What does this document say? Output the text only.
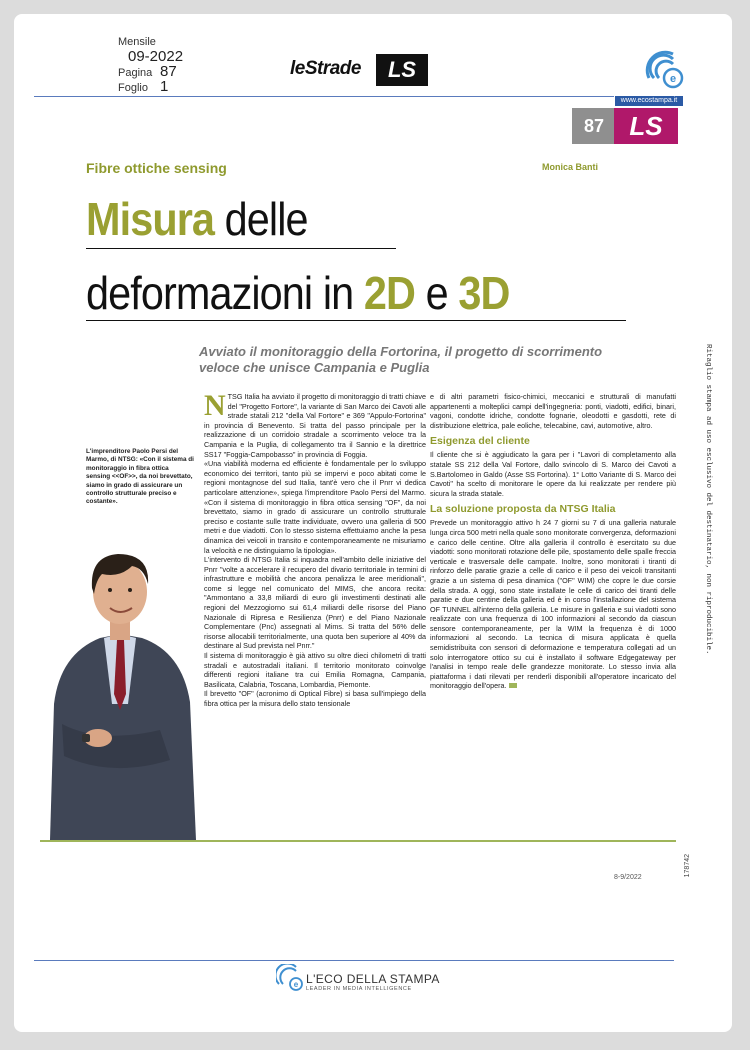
Mensile
09-2022
Pagina 87
Foglio 1
leStrade	LS	e
www.ecostampa.it
87 LS
Fibre ottiche sensing	Monica Banti
Misura delle
deformazioni in 2D e 3D
Avviato il monitoraggio della Fortorina, il progetto di scorrimento veloce che unisce Campania e Puglia
L'imprenditore Paolo Persi del Marmo, di NTSG: «Con il sistema di monitoraggio in fibra ottica sensing <<OF>>, da noi brevettato, siamo in grado di assicurare un controllo strutturale preciso e costante».
NTSG Italia ha avviato il progetto di monitoraggio di tratti chiave del "Progetto Fortore", la variante di San Marco dei Cavoti alle strade statali 212 "della Val Fortore" e 369 "Appulo-Fortorina" in provincia di Benevento. Si tratta del passo principale per la realizzazione di un corridoio stradale a scorrimento veloce tra la Campania e la Puglia, di collegamento tra il Sannio e la direttrice SS17 "Foggia-Campobasso" in provincia di Foggia.
«Una viabilità moderna ed efficiente è fondamentale per lo sviluppo economico dei territori, tanto più se impervi e poco abitati come le regioni montagnose del sud Italia, tant'è vero che il Pnrr vi dedica particolare attenzione», spiega l'imprenditore Paolo Persi del Marmo. «Con il sistema di monitoraggio in fibra ottica sensing "OF", da noi brevettato, siamo in grado di assicurare un controllo strutturale preciso e costante sulle tratte individuate, ovvero una galleria di 500 metri e due viadotti. Con lo stesso sistema effettuiamo anche la pesa dinamica dei veicoli in transito e contemporaneamente ne misuriamo la velocità e ne distinguiamo la tipologia».
L'intervento di NTSG Italia si inquadra nell'ambito delle iniziative del Pnrr "volte a accelerare il recupero del divario territoriale in termini di infrastrutture e mobilità che ancora penalizza le aree meridionali", come si legge nel comunicato del MIMS, che ancora recita: "Ammontano a 33,8 miliardi di euro gli investimenti destinati alle regioni del Mezzogiorno sui 61,4 miliardi delle risorse del Piano Nazionale di Ripresa e Resilienza (Pnrr) e del Piano Nazionale Complementare (Pnc) assegnati al Mims. Si tratta del 56% delle risorse allocabili territorialmente, una quota ben superiore al 40% da destinare al Sud prevista nel Pnrr."
Il sistema di monitoraggio è già attivo su oltre dieci chilometri di tratti stradali e autostradali italiani. Il territorio monitorato coinvolge differenti regioni italiane tra cui Emilia Romagna, Campania, Basilicata, Calabria, Toscana, Lombardia, Piemonte.
Il brevetto "OF" (acronimo di Optical Fibre) si basa sull'impiego della fibra ottica per la misura dello stato tensionale
e di altri parametri fisico-chimici, meccanici e strutturali di manufatti appartenenti a molteplici campi dell'ingegneria: ponti, viadotti, edifici, binari, vagoni, condotte idriche, condotte fognarie, oleodotti e gasdotti, rete di distribuzione elettrica, pale eoliche, telecabine, cavi, automotive, altro.
Esigenza del cliente
Il cliente che si è aggiudicato la gara per i "Lavori di completamento alla statale SS 212 della Val Fortore, dallo svincolo di S. Marco dei Cavoti a S.Bartolomeo in Galdo (Asse SS Fortorina). 1° Lotto Variante di S. Marco dei Cavoti" ha scelto di monitorare le opere da lui realizzate per rendere più sicura la strada statale.
La soluzione proposta da NTSG Italia
Prevede un monitoraggio attivo h 24 7 giorni su 7 di una galleria naturale lunga circa 500 metri nella quale sono monitorate convergenza, deformazioni e carico delle centine. Oltre alla galleria il controllo è esercitato su due viadotti: sono monitorati rotazione delle pile, spostamento delle spalle freccia verticale e trasversale delle campate. Inoltre, sono monitorati i tiranti di rinforzo delle paratie grazie a celle di carico e il peso dei veicoli transitanti grazie a un sistema di pesa dinamica ("OF" WIM) che copre le due corsie della strada. A oggi, sono state installate le celle di carico dei tiranti delle paratie e due centine della galleria ed è in corso l'installazione del sistema OF TUNNEL all'interno della galleria. Le misure in galleria e sui viadotti sono realizzate con una frequenza di 100 informazioni al secondo da ciascun sensore contemporaneamente, per la WIM la frequenza è di 1000 informazioni al secondo. La tecnica di misura applicata è quella semidistribuita con sensori di deformazione e temperatura collegati ad un solo interrogatore ottico su cui è installato il software Edgegateway per l'analisi in tempo reale delle grandezze monitorate. Lo stesso invia alla piattaforma i dati rilevati per renderli disponibili all'operatore incaricato del monitoraggio dell'opera.
8-9/2022
Ritaglio stampa ad uso esclusivo del destinatario, non riproducibile.
178742
e L'ECO DELLA STAMPA
LEADER IN MEDIA INTELLIGENCE
